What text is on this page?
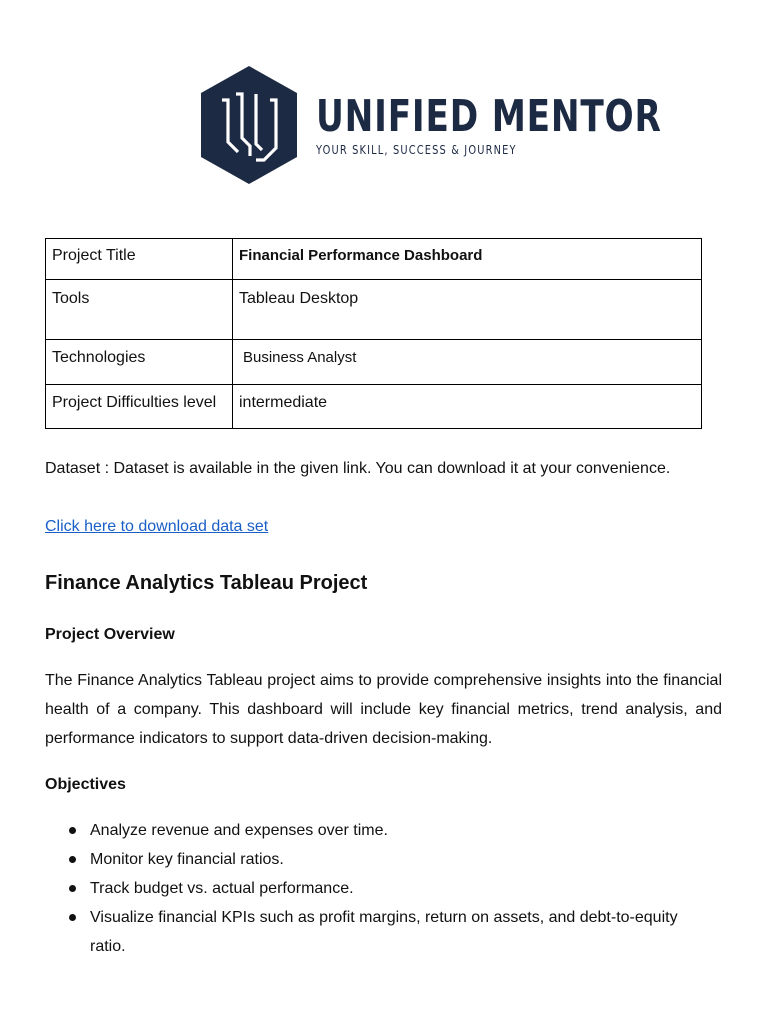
UNIFIED MENTOR
YOUR SKILL, SUCCESS & JOURNEY
Project Title	Financial Performance Dashboard
Tools	Tableau Desktop
Technologies	Business Analyst
Project Difficulties level	intermediate

Dataset : Dataset is available in the given link. You can download it at your convenience.

Click here to download data set
Finance Analytics Tableau Project
Project Overview

The Finance Analytics Tableau project aims to provide comprehensive insights into the financial health of a company. This dashboard will include key financial metrics, trend analysis, and performance indicators to support data-driven decision-making.

Objectives
Analyze revenue and expenses over time.
Monitor key financial ratios.
Track budget vs. actual performance.
Visualize financial KPIs such as profit margins, return on assets, and debt-to-equity ratio.
